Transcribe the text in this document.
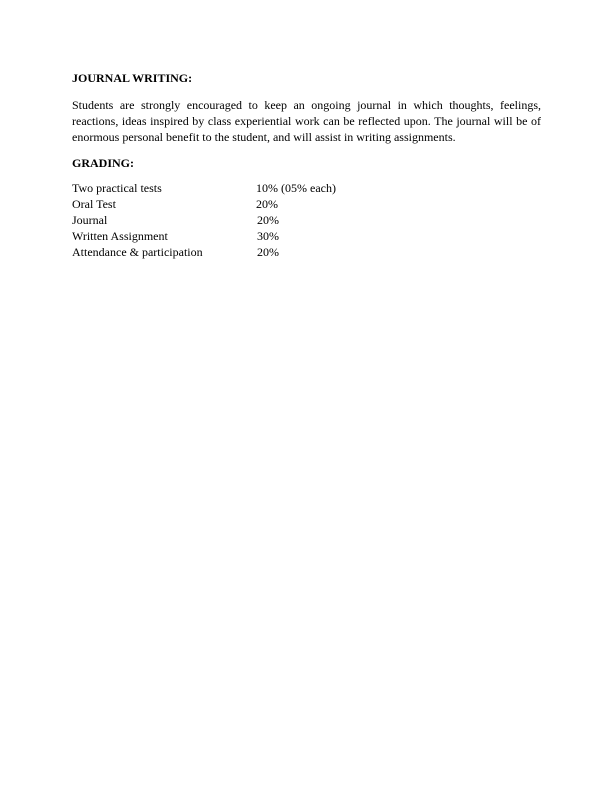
JOURNAL WRITING:
Students are strongly encouraged to keep an ongoing journal in which thoughts, feelings, reactions, ideas inspired by class experiential work can be reflected upon. The journal will be of enormous personal benefit to the student, and will assist in writing assignments.
GRADING:
Two practical tests	10% (05% each)
Oral Test	20%
Journal	20%
Written Assignment	30%
Attendance & participation	20%
